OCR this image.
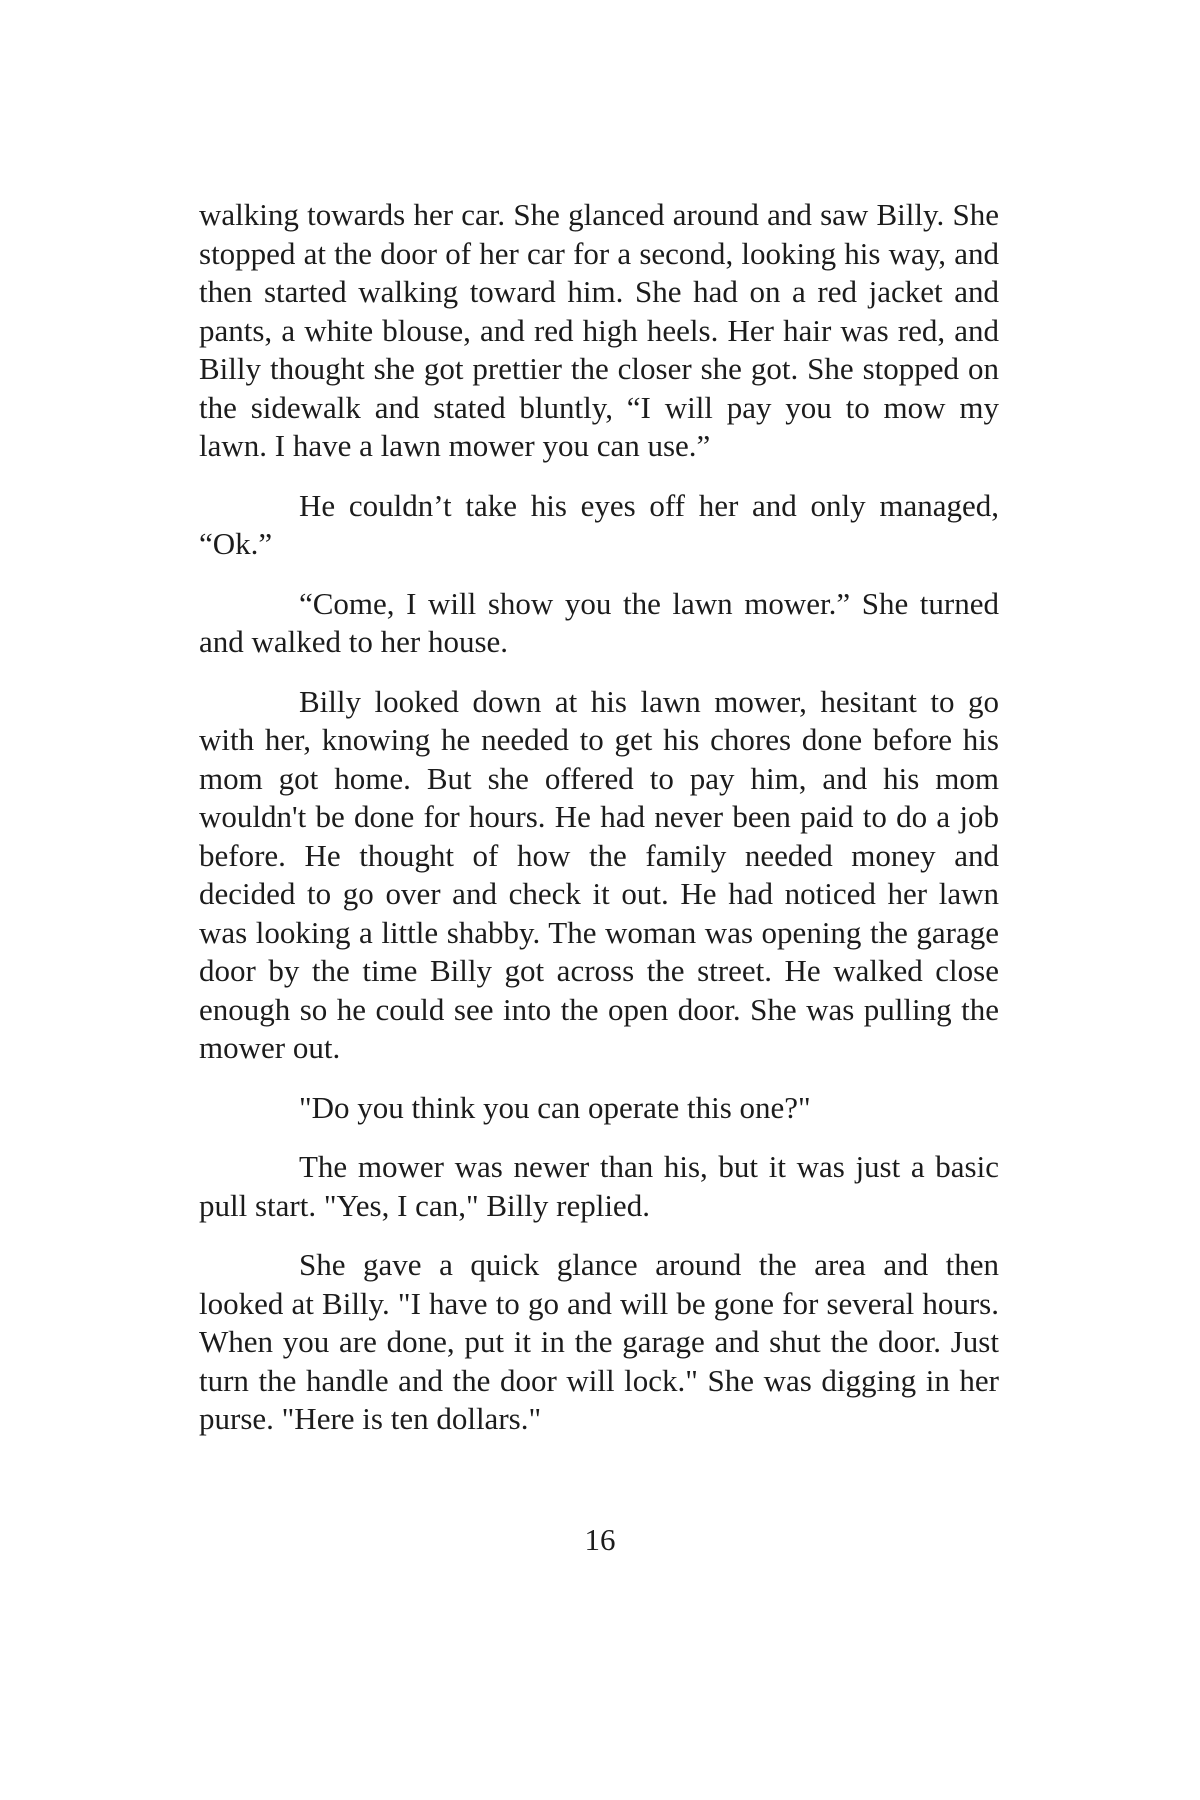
walking towards her car. She glanced around and saw Billy. She stopped at the door of her car for a second, looking his way, and then started walking toward him. She had on a red jacket and pants, a white blouse, and red high heels. Her hair was red, and Billy thought she got prettier the closer she got. She stopped on the sidewalk and stated bluntly, “I will pay you to mow my lawn. I have a lawn mower you can use.”

He couldn’t take his eyes off her and only managed, “Ok.”

“Come, I will show you the lawn mower.” She turned and walked to her house.

Billy looked down at his lawn mower, hesitant to go with her, knowing he needed to get his chores done before his mom got home. But she offered to pay him, and his mom wouldn't be done for hours. He had never been paid to do a job before. He thought of how the family needed money and decided to go over and check it out. He had noticed her lawn was looking a little shabby. The woman was opening the garage door by the time Billy got across the street. He walked close enough so he could see into the open door. She was pulling the mower out.

"Do you think you can operate this one?"

The mower was newer than his, but it was just a basic pull start. "Yes, I can," Billy replied.

She gave a quick glance around the area and then looked at Billy. "I have to go and will be gone for several hours. When you are done, put it in the garage and shut the door. Just turn the handle and the door will lock." She was digging in her purse. "Here is ten dollars."

16
